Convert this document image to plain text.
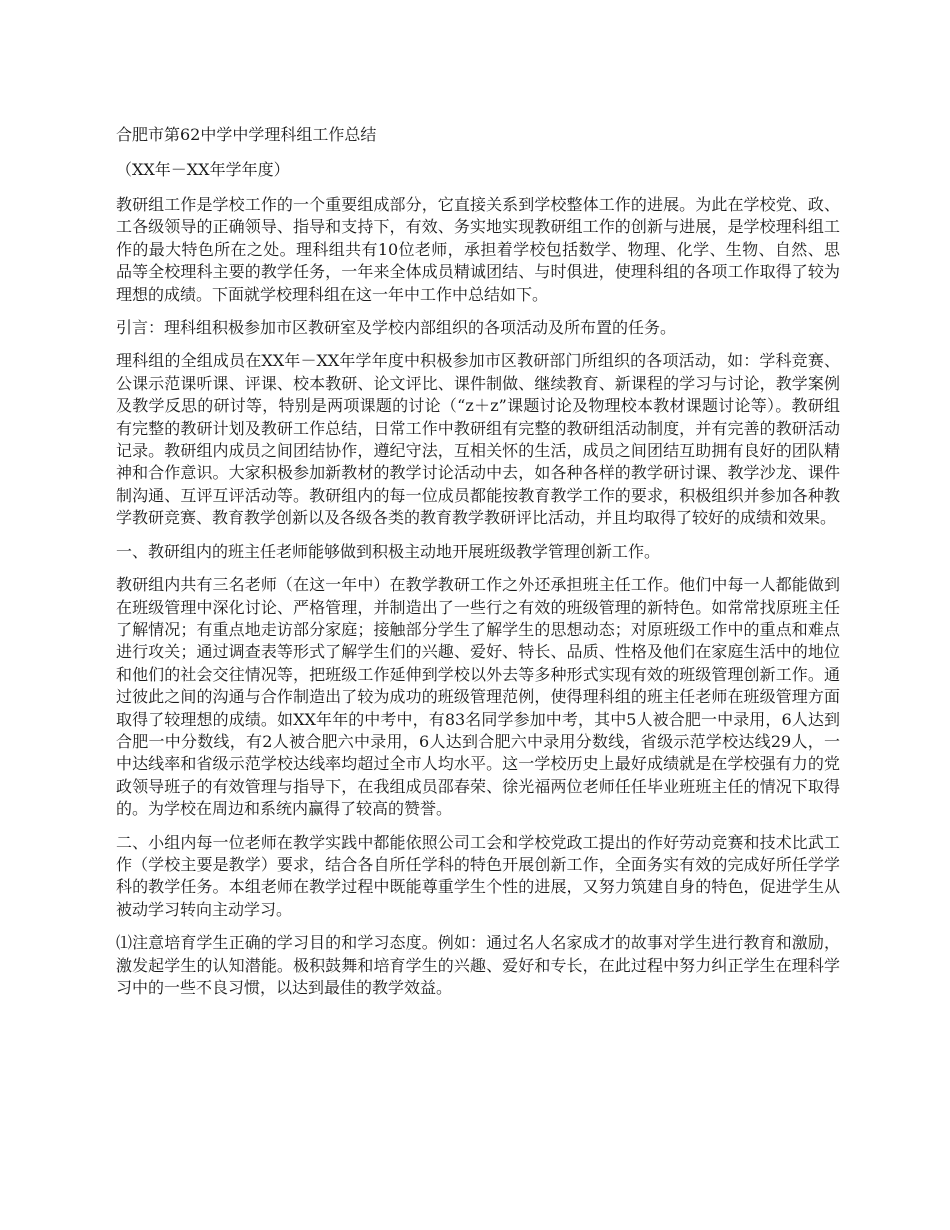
合肥市第62中学中学理科组工作总结

（XX年－XX年学年度）

教研组工作是学校工作的一个重要组成部分，它直接关系到学校整体工作的进展。为此在学校党、政、工各级领导的正确领导、指导和支持下，有效、务实地实现教研组工作的创新与进展，是学校理科组工作的最大特色所在之处。理科组共有10位老师，承担着学校包括数学、物理、化学、生物、自然、思品等全校理科主要的教学任务，一年来全体成员精诚团结、与时俱进，使理科组的各项工作取得了较为理想的成绩。下面就学校理科组在这一年中工作中总结如下。

引言：理科组积极参加市区教研室及学校内部组织的各项活动及所布置的任务。

理科组的全组成员在XX年－XX年学年度中积极参加市区教研部门所组织的各项活动，如：学科竞赛、公课示范课听课、评课、校本教研、论文评比、课件制做、继续教育、新课程的学习与讨论，教学案例及教学反思的研讨等，特别是两项课题的讨论（“z＋z”课题讨论及物理校本教材课题讨论等）。教研组有完整的教研计划及教研工作总结，日常工作中教研组有完整的教研组活动制度，并有完善的教研活动记录。教研组内成员之间团结协作，遵纪守法，互相关怀的生活，成员之间团结互助拥有良好的团队精神和合作意识。大家积极参加新教材的教学讨论活动中去，如各种各样的教学研讨课、教学沙龙、课件制沟通、互评互评活动等。教研组内的每一位成员都能按教育教学工作的要求，积极组织并参加各种教学教研竞赛、教育教学创新以及各级各类的教育教学教研评比活动，并且均取得了较好的成绩和效果。

一、教研组内的班主任老师能够做到积极主动地开展班级教学管理创新工作。

教研组内共有三名老师（在这一年中）在教学教研工作之外还承担班主任工作。他们中每一人都能做到在班级管理中深化讨论、严格管理，并制造出了一些行之有效的班级管理的新特色。如常常找原班主任了解情况；有重点地走访部分家庭；接触部分学生了解学生的思想动态；对原班级工作中的重点和难点进行攻关；通过调查表等形式了解学生们的兴趣、爱好、特长、品质、性格及他们在家庭生活中的地位和他们的社会交往情况等，把班级工作延伸到学校以外去等多种形式实现有效的班级管理创新工作。通过彼此之间的沟通与合作制造出了较为成功的班级管理范例，使得理科组的班主任老师在班级管理方面取得了较理想的成绩。如XX年年的中考中，有83名同学参加中考，其中5人被合肥一中录用，6人达到合肥一中分数线，有2人被合肥六中录用，6人达到合肥六中录用分数线，省级示范学校达线29人，一中达线率和省级示范学校达线率均超过全市人均水平。这一学校历史上最好成绩就是在学校强有力的党政领导班子的有效管理与指导下，在我组成员邵春荣、徐光福两位老师任任毕业班班主任的情况下取得的。为学校在周边和系统内赢得了较高的赞誉。

二、小组内每一位老师在教学实践中都能依照公司工会和学校党政工提出的作好劳动竞赛和技术比武工作（学校主要是教学）要求，结合各自所任学科的特色开展创新工作，全面务实有效的完成好所任学学科的教学任务。本组老师在教学过程中既能尊重学生个性的进展，又努力筑建自身的特色，促进学生从被动学习转向主动学习。

⑴注意培育学生正确的学习目的和学习态度。例如：通过名人名家成才的故事对学生进行教育和激励，激发起学生的认知潜能。极积鼓舞和培育学生的兴趣、爱好和专长，在此过程中努力纠正学生在理科学习中的一些不良习惯，以达到最佳的教学效益。
